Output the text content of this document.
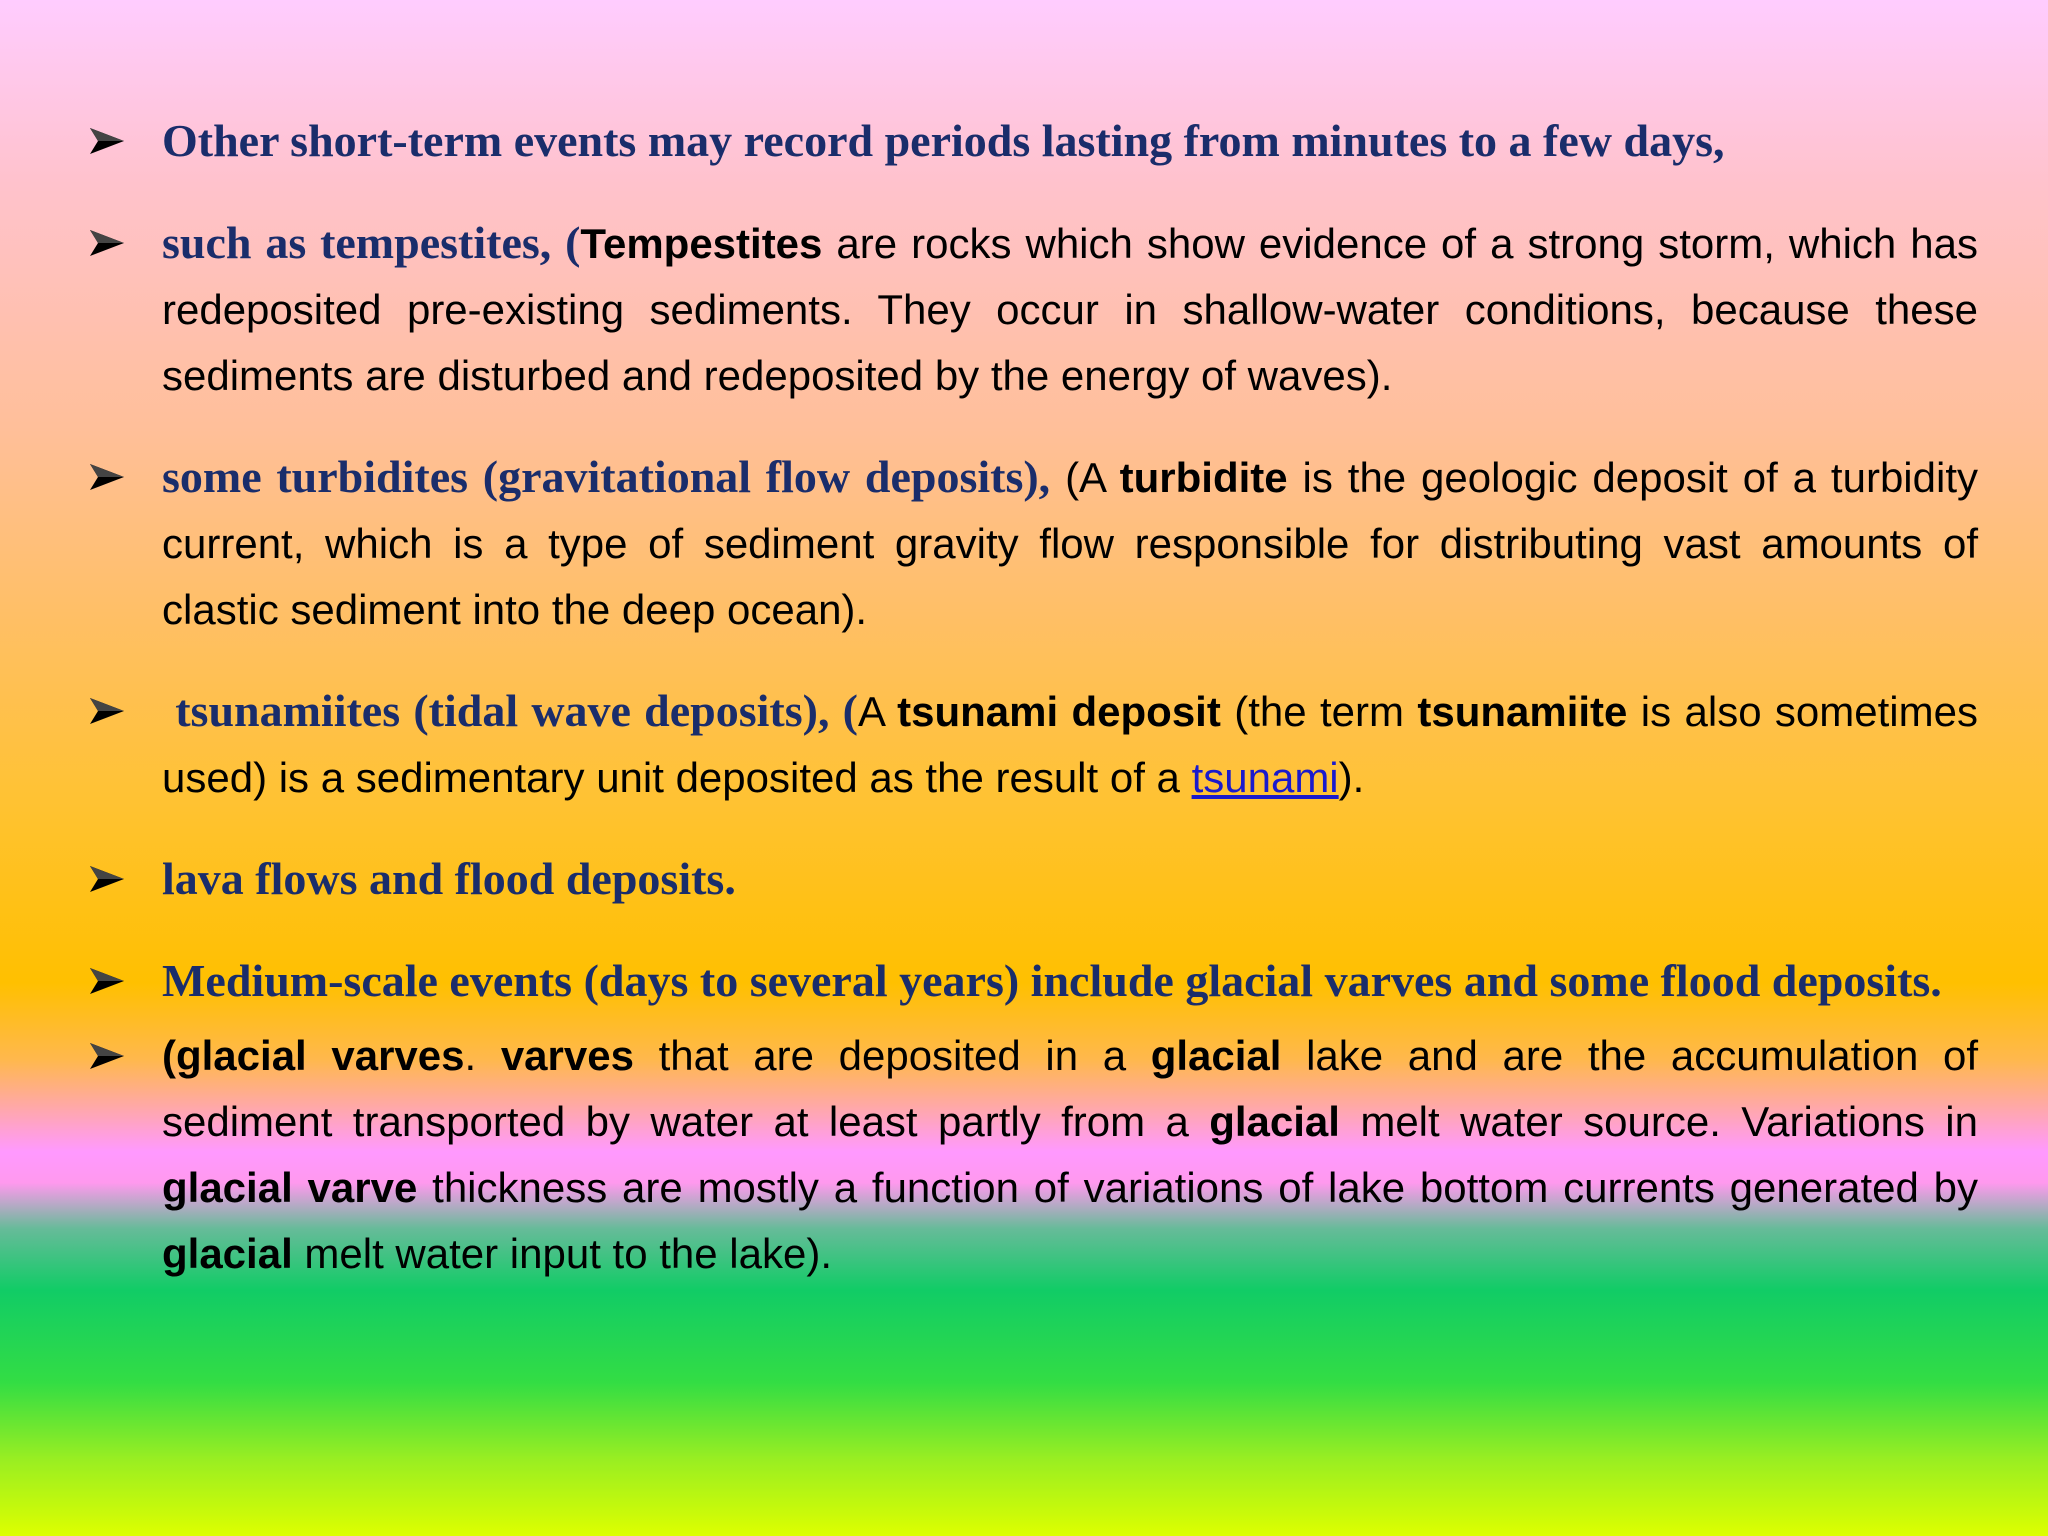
Other short-term events may record periods lasting from minutes to a few days,
such as tempestites, (Tempestites are rocks which show evidence of a strong storm, which has redeposited pre-existing sediments. They occur in shallow-water conditions, because these sediments are disturbed and redeposited by the energy of waves).
some turbidites (gravitational flow deposits), (A turbidite is the geologic deposit of a turbidity current, which is a type of sediment gravity flow responsible for distributing vast amounts of clastic sediment into the deep ocean).
tsunamiites (tidal wave deposits), (A tsunami deposit (the term tsunamiite is also sometimes used) is a sedimentary unit deposited as the result of a tsunami).
lava flows and flood deposits.
Medium-scale events (days to several years) include glacial varves and some flood deposits.
(glacial varves. varves that are deposited in a glacial lake and are the accumulation of sediment transported by water at least partly from a glacial melt water source. Variations in glacial varve thickness are mostly a function of variations of lake bottom currents generated by glacial melt water input to the lake).
